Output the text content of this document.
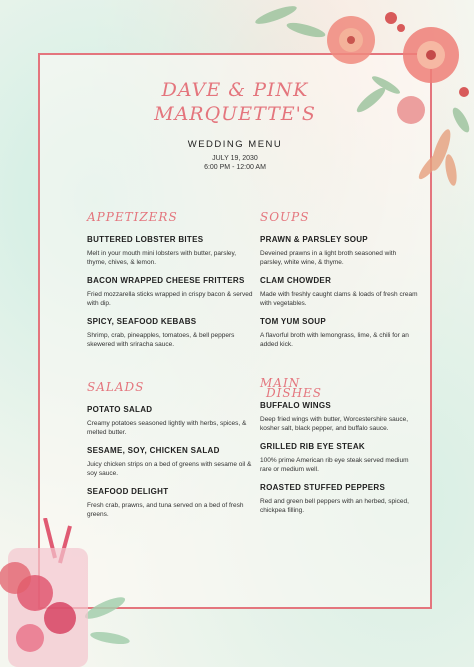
DAVE & PINK
MARQUETTE'S
WEDDING MENU
JULY 19, 2030
6:00 PM - 12:00 AM
APPETIZERS
BUTTERED LOBSTER BITES
Melt in your mouth mini lobsters with butter, parsley, thyme, chives, & lemon.
BACON WRAPPED CHEESE FRITTERS
Fried mozzarella sticks wrapped in crispy bacon & served with dip.
SPICY, SEAFOOD KEBABS
Shrimp, crab, pineapples, tomatoes, & bell peppers skewered with sriracha sauce.
SOUPS
PRAWN & PARSLEY SOUP
Deveined prawns in a light broth seasoned with parsley, white wine, & thyme.
CLAM CHOWDER
Made with freshly caught clams & loads of fresh cream with vegetables.
TOM YUM SOUP
A flavorful broth with lemongrass, lime, & chili for an added kick.
SALADS
POTATO SALAD
Creamy potatoes seasoned lightly with herbs, spices, & melted butter.
SESAME, SOY, CHICKEN SALAD
Juicy chicken strips on a bed of greens with sesame oil & soy sauce.
SEAFOOD DELIGHT
Fresh crab, prawns, and tuna served on a bed of fresh greens.
MAIN
DISHES
BUFFALO WINGS
Deep fried wings with butter, Worcestershire sauce, kosher salt, black pepper, and buffalo sauce.
GRILLED RIB EYE STEAK
100% prime American rib eye steak served medium rare or medium well.
ROASTED STUFFED PEPPERS
Red and green bell peppers with an herbed, spiced, chickpea filling.
